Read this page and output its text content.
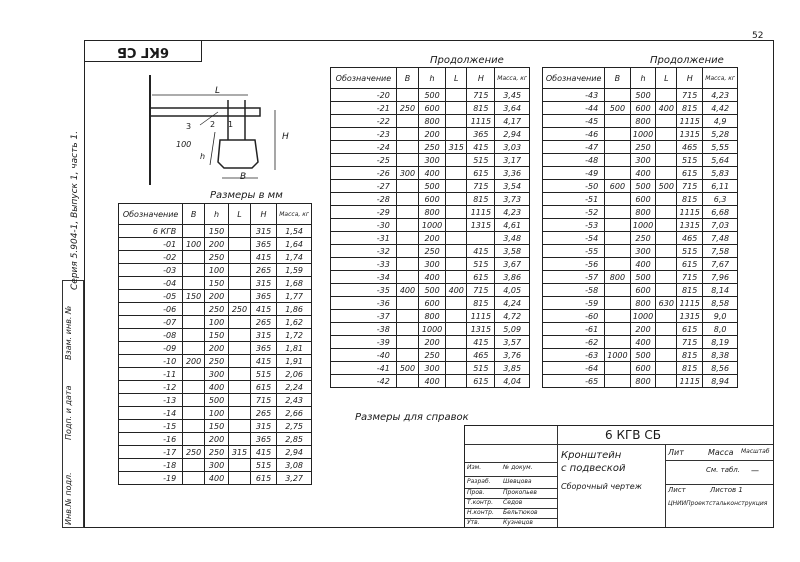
52
6КГ СБ
Серия 5.904-1, Выпуск 1, часть 1.
Инв.№ подл.
Подп. и дата
Взам. инв. №
L
100
h
H
B
1
2
3
Размеры в мм
Продолжение	Продолжение
Размеры для справок
Обозначение	B	h	L	H	Масса, кг
6 КГВ		150		315	1,54
-01	100	200		365	1,64
-02		250		415	1,74
-03		100		265	1,59
-04		150		315	1,68
-05	150	200		365	1,77
-06		250	250	415	1,86
-07		100		265	1,62
-08		150		315	1,72
-09		200		365	1,81
-10	200	250		415	1,91
-11		300		515	2,06
-12		400		615	2,24
-13		500		715	2,43
-14		100		265	2,66
-15		150		315	2,75
-16		200		365	2,85
-17	250	250	315	415	2,94
-18		300		515	3,08
-19		400		615	3,27
Обозначение	B	h	L	H	Масса, кг
-20		500		715	3,45
-21	250	600		815	3,64
-22		800		1115	4,17
-23		200		365	2,94
-24		250	315	415	3,03
-25		300		515	3,17
-26	300	400		615	3,36
-27		500		715	3,54
-28		600		815	3,73
-29		800		1115	4,23
-30		1000		1315	4,61
-31		200			3,48
-32		250		415	3,58
-33		300		515	3,67
-34		400		615	3,86
-35	400	500	400	715	4,05
-36		600		815	4,24
-37		800		1115	4,72
-38		1000		1315	5,09
-39		200		415	3,57
-40		250		465	3,76
-41	500	300		515	3,85
-42		400		615	4,04
Обозначение	B	h	L	H	Масса, кг
-43		500		715	4,23
-44	500	600	400	815	4,42
-45		800		1115	4,9
-46		1000		1315	5,28
-47		250		465	5,55
-48		300		515	5,64
-49		400		615	5,83
-50	600	500	500	715	6,11
-51		600		815	6,3
-52		800		1115	6,68
-53		1000		1315	7,03
-54		250		465	7,48
-55		300		515	7,58
-56		400		615	7,67
-57	800	500		715	7,96
-58		600		815	8,14
-59		800	630	1115	8,58
-60		1000		1315	9,0
-61		200		615	8,0
-62		400		715	8,19
-63	1000	500		815	8,38
-64		600		815	8,56
-65		800		1115	8,94
6 КГВ СБ
Кронштейн
с подвеской
Сборочный чертеж
Лит	Масса Масштаб
См. табл. —
Лист	Листов 1
ЦНИИПроектстальконструкция
Изм.
Разраб.
Пров.
Т.контр.
Н.контр.
Утв.
№ докум.
Шевцова
Прокопьев
Седов
Бельтюков
Кузнецов
